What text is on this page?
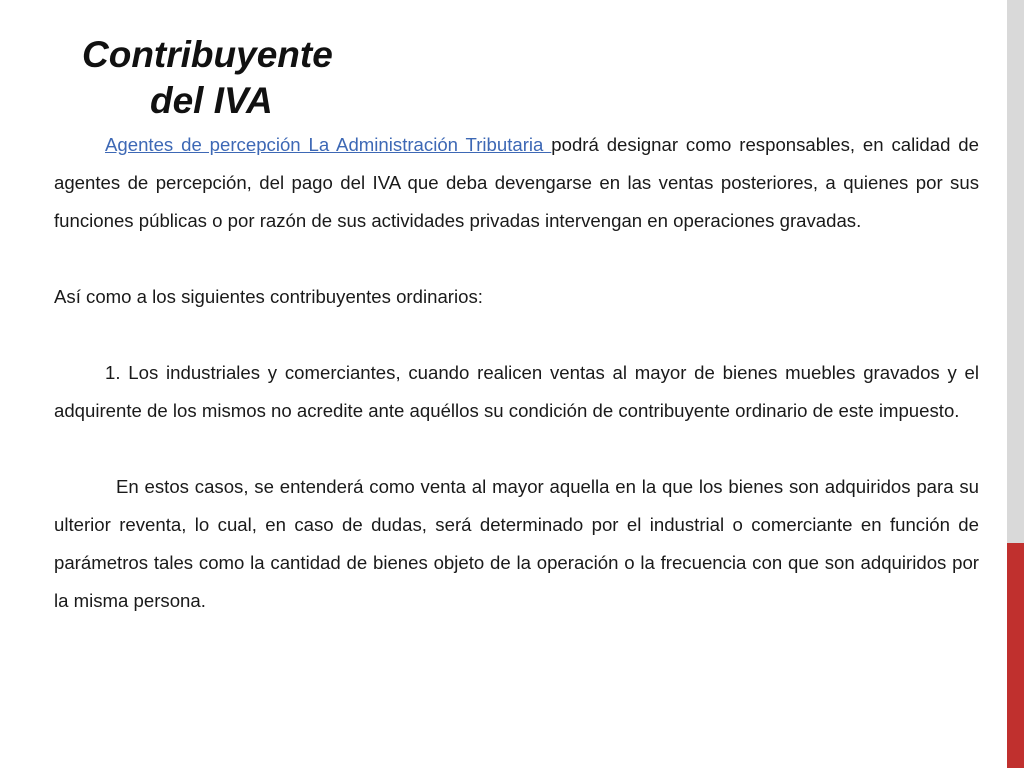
Contribuyente
del IVA

Agentes de percepción La Administración Tributaria podrá designar como responsables, en calidad de agentes de percepción, del pago del IVA que deba devengarse en las ventas posteriores, a quienes por sus funciones públicas o por razón de sus actividades privadas intervengan en operaciones gravadas.

Así como a los siguientes contribuyentes ordinarios:

1. Los industriales y comerciantes, cuando realicen ventas al mayor de bienes muebles gravados y el adquirente de los mismos no acredite ante aquéllos su condición de contribuyente ordinario de este impuesto.

En estos casos, se entenderá como venta al mayor aquella en la que los bienes son adquiridos para su ulterior reventa, lo cual, en caso de dudas, será determinado por el industrial o comerciante en función de parámetros tales como la cantidad de bienes objeto de la operación o la frecuencia con que son adquiridos por la misma persona.
